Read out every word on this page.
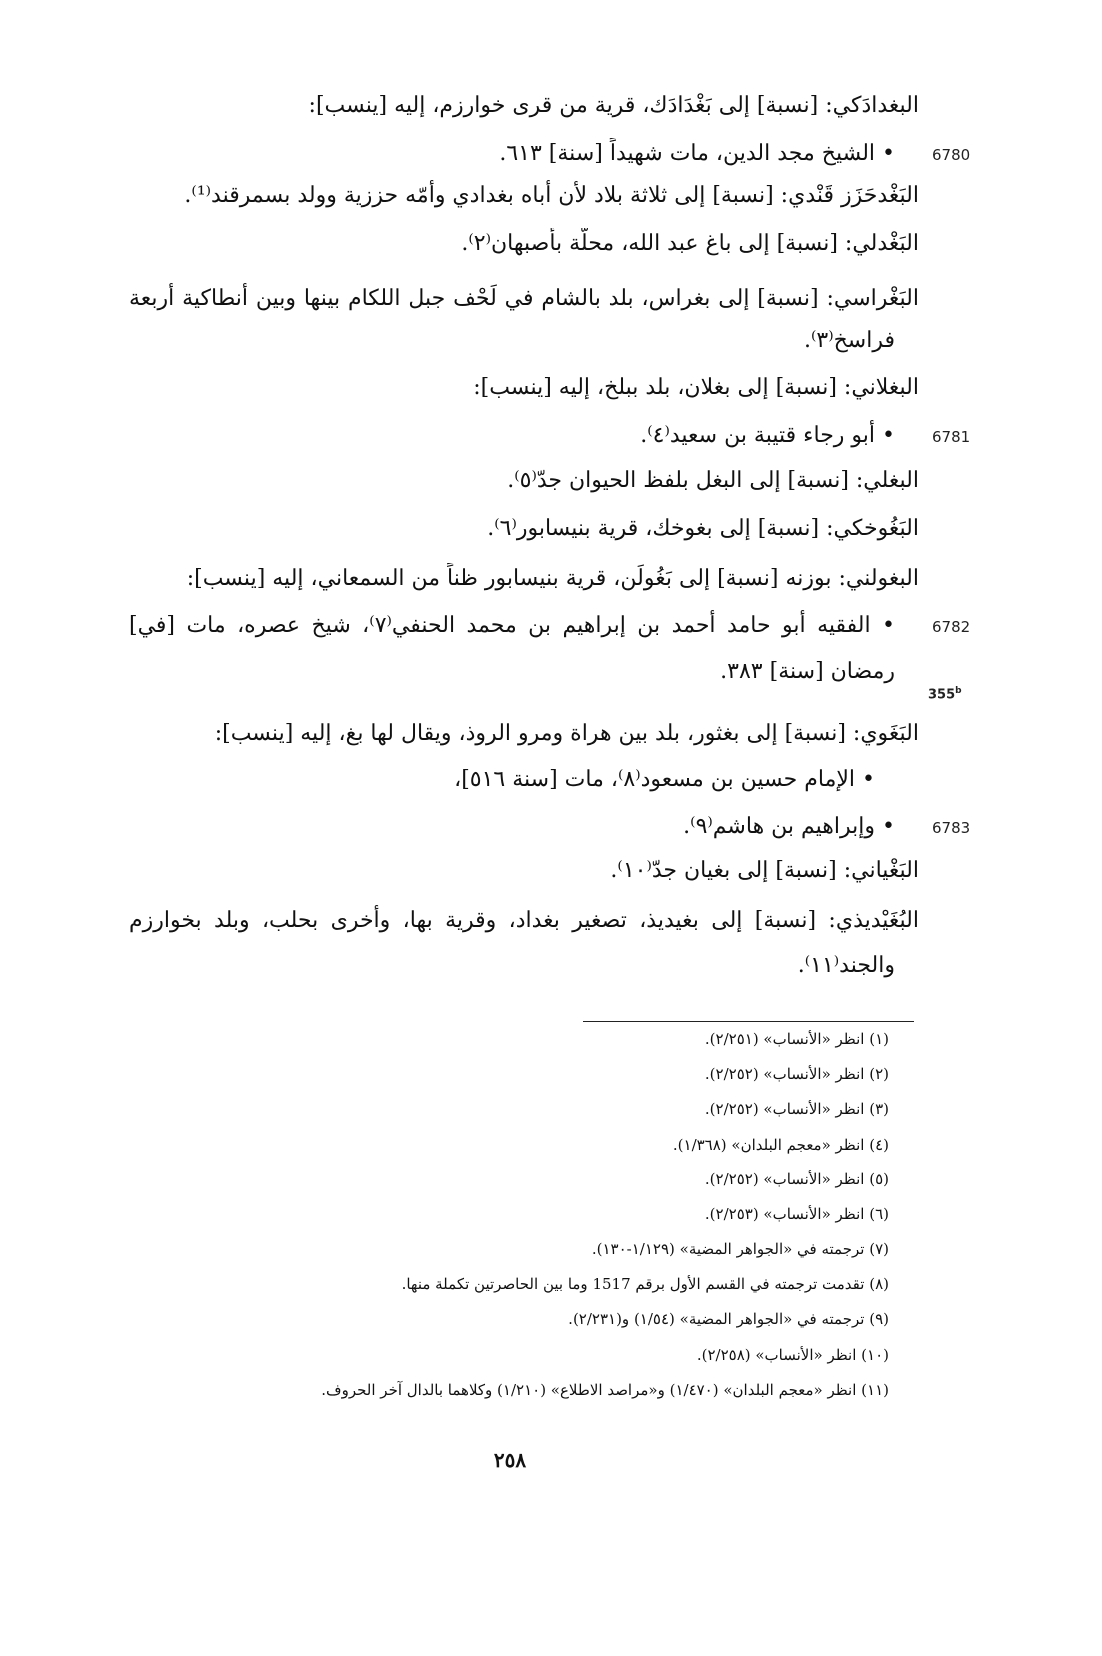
البغدادَكي: [نسبة] إلى بَغْدَادَك، قرية من قرى خوارزم، إليه [ينسب]:
• الشيخ مجد الدين، مات شهيداً [سنة] ٦١٣. 6780
البَغْدحَزَز قَنْدي: [نسبة] إلى ثلاثة بلاد لأن أباه بغدادي وأمّه حززية وولد بسمرقند⁽¹⁾.
البَغْدلي: [نسبة] إلى باغ عبد الله، محلّة بأصبهان⁽٢⁾.
البَغْراسي: [نسبة] إلى بغراس، بلد بالشام في لَحْف جبل اللكام بينها وبين أنطاكية أربعة
فراسخ⁽٣⁾.
البغلاني: [نسبة] إلى بغلان، بلد ببلخ، إليه [ينسب]:
• أبو رجاء قتيبة بن سعيد⁽٤⁾. 6781
البغلي: [نسبة] إلى البغل بلفظ الحيوان جدّ⁽٥⁾.
البَغُوخكي: [نسبة] إلى بغوخك، قرية بنيسابور⁽٦⁾.
البغولني: بوزنه [نسبة] إلى بَغُولَن، قرية بنيسابور ظناً من السمعاني، إليه [ينسب]:
• الفقيه أبو حامد أحمد بن إبراهيم بن محمد الحنفي⁽٧⁾، شيخ عصره، مات [في] 6782
رمضان [سنة] ٣٨٣.
355$^b$
البَغَوي: [نسبة] إلى بغثور، بلد بين هراة ومرو الروذ، ويقال لها بغ، إليه [ينسب]:
• الإمام حسين بن مسعود⁽٨⁾، مات [سنة ٥١٦]،
• وإبراهيم بن هاشم⁽٩⁾. 6783
البَغْياني: [نسبة] إلى بغيان جدّ⁽١٠⁾.
البُغَيْديذي: [نسبة] إلى بغيديذ، تصغير بغداد، وقرية بها، وأخرى بحلب، وبلد بخوارزم
والجند⁽١١⁾.
(١) انظر «الأنساب» (٢/٢٥١).
(٢) انظر «الأنساب» (٢/٢٥٢).
(٣) انظر «الأنساب» (٢/٢٥٢).
(٤) انظر «معجم البلدان» (١/٣٦٨).
(٥) انظر «الأنساب» (٢/٢٥٢).
(٦) انظر «الأنساب» (٢/٢٥٣).
(٧) ترجمته في «الجواهر المضية» (١/١٢٩-١٣٠).
(٨) تقدمت ترجمته في القسم الأول برقم 1517 وما بين الحاصرتين تكملة منها.
(٩) ترجمته في «الجواهر المضية» (١/٥٤) و(٢/٢٣١).
(١٠) انظر «الأنساب» (٢/٢٥٨).
(١١) انظر «معجم البلدان» (١/٤٧٠) و«مراصد الاطلاع» (١/٢١٠) وكلاهما بالدال آخر الحروف.
٢٥٨
